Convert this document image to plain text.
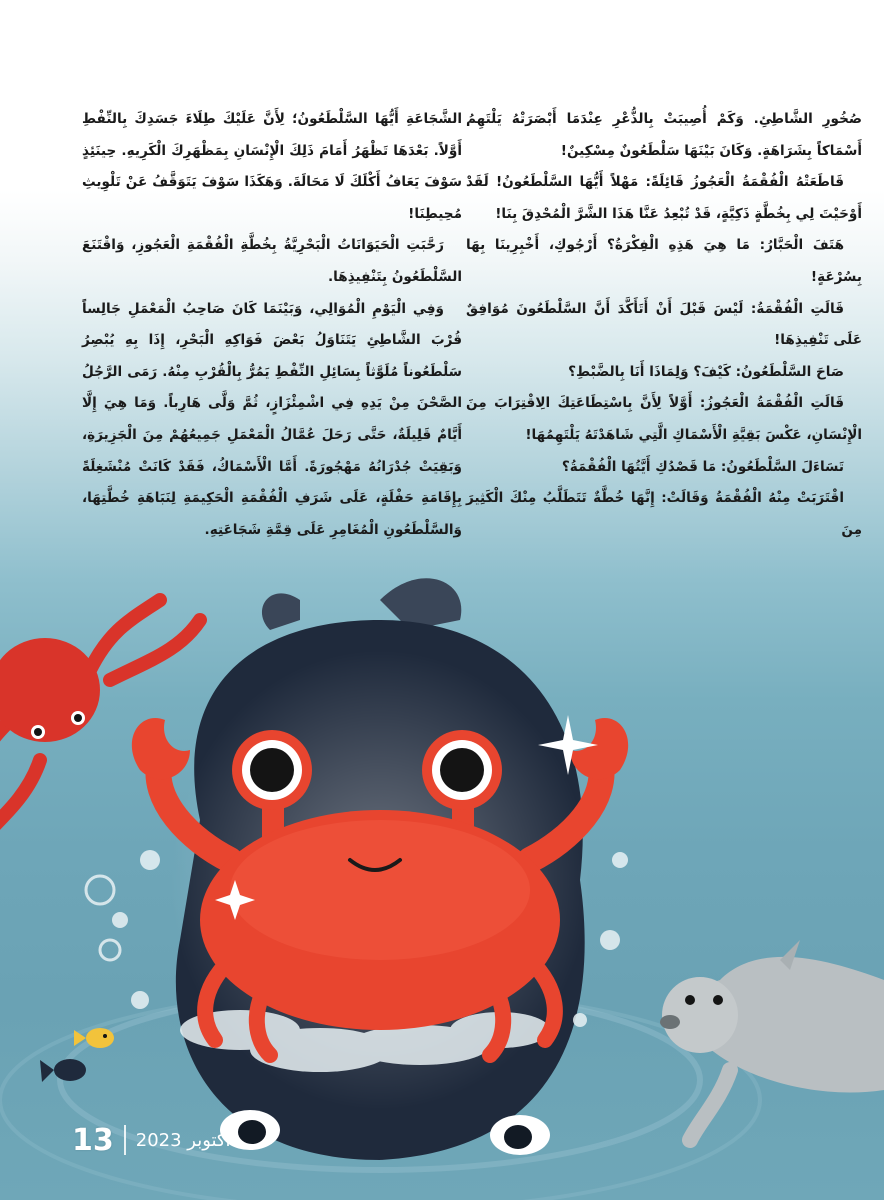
صُخُورِ الشَّاطِئِ. وَكَمْ أُصِيبَتْ بِالذُّعْرِ عِنْدَمَا أَبْصَرَتْهُ يَلْتَهِمُ أَسْمَاكاً بِشَرَاهَةٍ. وَكَانَ بَيْنَهَا سَلْطَعُونٌ مِسْكِينٌ!

قَاطَعَتْهُ الْفُقْمَةُ الْعَجُوزُ قَائِلَةً: مَهْلاً أَيُّهَا السَّلْطَعُونُ! لَقَدْ أَوْحَيْتَ لِي بِخُطَّةٍ ذَكِيَّةٍ، قَدْ تُبْعِدُ عَنَّا هَذَا الشَّرَّ الْمُحْدِقَ بِنَا!

هَتَفَ الْحَبَّارُ: مَا هِيَ هَذِهِ الْفِكْرَةُ؟ أَرْجُوكِ، أَخْبِرِينَا بِهَا بِسُرْعَةٍ!

قَالَتِ الْفُقْمَةُ: لَيْسَ قَبْلَ أَنْ أَتَأَكَّدَ أَنَّ السَّلْطَعُونَ مُوَافِقٌ عَلَى تَنْفِيذِهَا!

صَاحَ السَّلْطَعُونُ: كَيْفَ؟ وَلِمَاذَا أَنَا بِالضَّبْطِ؟

قَالَتِ الْفُقْمَةُ الْعَجُوزُ: أَوَّلاً لِأَنَّ بِاسْتِطَاعَتِكَ الِاقْتِرَابَ مِنَ الْإِنْسَانِ، عَكْسَ بَقِيَّةِ الْأَسْمَاكِ الَّتِي شَاهَدْتَهُ يَلْتَهِمُهَا!

تَسَاءَلَ السَّلْطَعُونُ: مَا قَصْدُكِ أَيَّتُهَا الْفُقْمَةُ؟

اقْتَرَبَتْ مِنْهُ الْفُقْمَةُ وَقَالَتْ: إِنَّهَا خُطَّةٌ تَتَطَلَّبُ مِنْكَ الْكَثِيرَ مِنَ

الشَّجَاعَةِ أَيُّهَا السَّلْطَعُونُ؛ لِأَنَّ عَلَيْكَ طِلَاءَ جَسَدِكَ بِالنِّفْطِ أَوَّلاً. بَعْدَهَا تَظْهَرُ أَمَامَ ذَلِكَ الْإِنْسَانِ بِمَظْهَرِكَ الْكَرِيهِ. حِينَئِذٍ سَوْفَ يَعَافُ أَكْلَكَ لَا مَحَالَةَ. وَهَكَذَا سَوْفَ يَتَوَقَّفُ عَنْ تَلْوِيثِ مُحِيطِنَا!

رَحَّبَتِ الْحَيَوَانَاتُ الْبَحْرِيَّةُ بِخُطَّةِ الْفُقْمَةِ الْعَجُوزِ، وَاقْتَنَعَ السَّلْطَعُونُ بِتَنْفِيذِهَا.

وَفِي الْيَوْمِ الْمُوَالِي، وَبَيْنَمَا كَانَ صَاحِبُ الْمَعْمَلِ جَالِساً قُرْبَ الشَّاطِئِ يَتَنَاوَلُ بَعْضَ فَوَاكِهِ الْبَحْرِ، إِذَا بِهِ يُبْصِرُ سَلْطَعُوناً مُلَوَّثاً بِسَائِلِ النِّفْطِ يَمُرُّ بِالْقُرْبِ مِنْهُ. رَمَى الرَّجُلُ الصَّحْنَ مِنْ يَدِهِ فِي اشْمِئْزَازٍ، ثُمَّ وَلَّى هَارِباً. وَمَا هِيَ إِلَّا أَيَّامٌ قَلِيلَةٌ، حَتَّى رَحَلَ عُمَّالُ الْمَعْمَلِ جَمِيعُهُمْ مِنَ الْجَزِيرَةِ، وَبَقِيَتْ جُدْرَانُهُ مَهْجُورَةً. أَمَّا الْأَسْمَاكُ، فَقَدْ كَانَتْ مُنْشَغِلَةً بِإِقَامَةِ حَفْلَةٍ، عَلَى شَرَفِ الْفُقْمَةِ الْحَكِيمَةِ لِنَبَاهَةِ خُطَّتِهَا، وَالسَّلْطَعُونِ الْمُغَامِرِ عَلَى قِمَّةِ شَجَاعَتِهِ.

13 أكتوبر 2023
